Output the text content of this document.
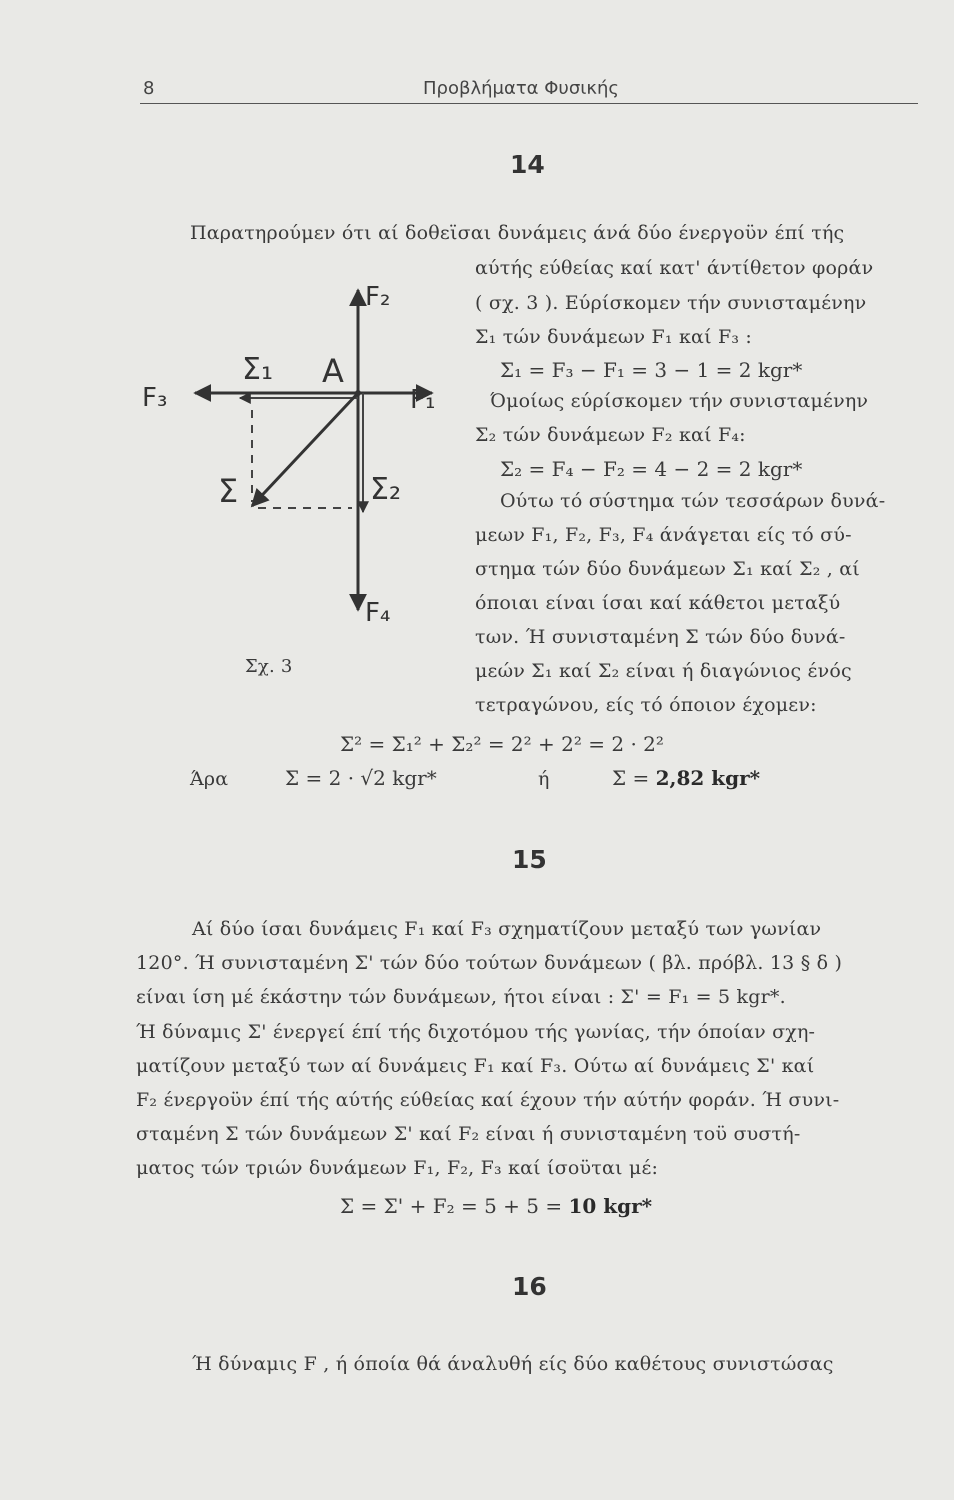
8	Προβλήματα Φυσικής
14
Παρατηρούμεν ότι αί δοθεϊσαι δυνάμεις άνά δύο ένεργοϋν έπί τής
αύτής εύθείας καί κατ' άντίθετον φοράν
( σχ. 3 ). Εύρίσκομεν τήν συνισταμένην
Σ₁ τών δυνάμεων F₁ καί F₃ :
Σ₁ = F₃ − F₁ = 3 − 1 = 2 kgr*
Όμοίως εύρίσκομεν τήν συνισταμένην
Σ₂ τών δυνάμεων F₂ καί F₄:
Σ₂ = F₄ − F₂ = 4 − 2 = 2 kgr*
Ούτω τό σύστημα τών τεσσάρων δυνά-
μεων F₁, F₂, F₃, F₄ άνάγεται είς τό σύ-
στημα τών δύο δυνάμεων Σ₁ καί Σ₂ , αί
όποιαι είναι ίσαι καί κάθετοι μεταξύ
των. Ή συνισταμένη Σ τών δύο δυνά-
μεών Σ₁ καί Σ₂ είναι ή διαγώνιος ένός
τετραγώνου, είς τό όποιον έχομεν:
Σ² = Σ₁² + Σ₂² = 2² + 2² = 2 · 2²
Άρα	Σ = 2 · √2 kgr*	ή	Σ = 2,82 kgr*
F₂
F₁
F₃
F₄
A
Σ₁
Σ	Σ₂
Σχ. 3
15
Αί δύο ίσαι δυνάμεις F₁ καί F₃ σχηματίζουν μεταξύ των γωνίαν
120°. Ή συνισταμένη Σ' τών δύο τούτων δυνάμεων ( βλ. πρόβλ. 13 § δ )
είναι ίση μέ έκάστην τών δυνάμεων, ήτοι είναι : Σ' = F₁ = 5 kgr*.
Ή δύναμις Σ' ένεργεί έπί τής διχοτόμου τής γωνίας, τήν όποίαν σχη-
ματίζουν μεταξύ των αί δυνάμεις F₁ καί F₃. Ούτω αί δυνάμεις Σ' καί
F₂ ένεργοϋν έπί τής αύτής εύθείας καί έχουν τήν αύτήν φοράν. Ή συνι-
σταμένη Σ τών δυνάμεων Σ' καί F₂ είναι ή συνισταμένη τοϋ συστή-
ματος τών τριών δυνάμεων F₁, F₂, F₃ καί ίσοϋται μέ:
Σ = Σ' + F₂ = 5 + 5 = 10 kgr*
16
Ή δύναμις F , ή όποία θά άναλυθή είς δύο καθέτους συνιστώσας
